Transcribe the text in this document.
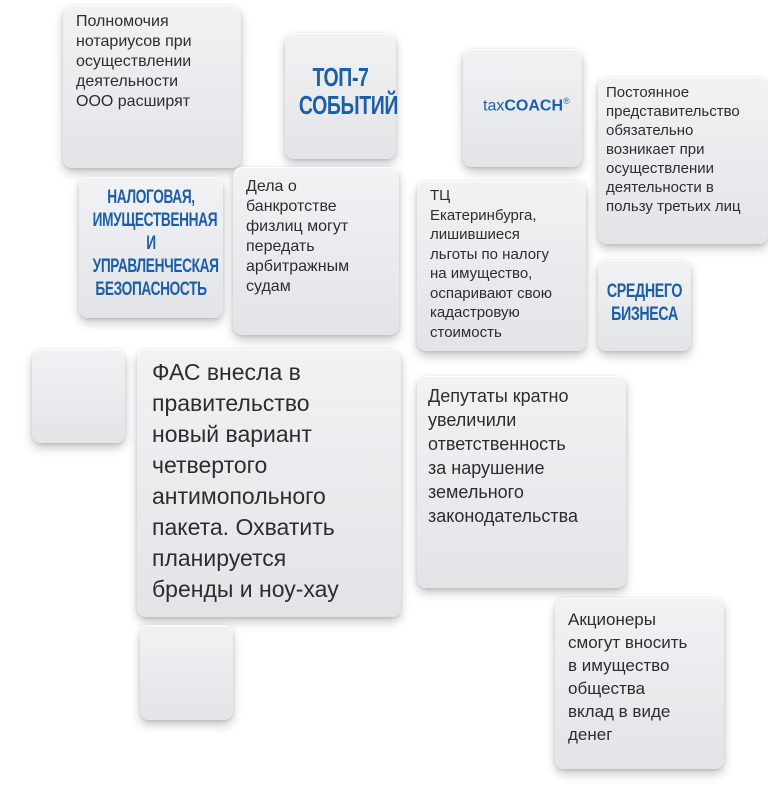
Полномочия
нотариусов при
осуществлении
деятельности
ООО расширят
ТОП-7
СОБЫТИЙ	taxCOACH® Постоянное
представительство
обязательно
возникает при
осуществлении
деятельности в
пользу третьих лиц
НАЛОГОВАЯ,
ИМУЩЕСТВЕННАЯ
И
УПРАВЛЕНЧЕСКАЯ
БЕЗОПАСНОСТЬ
Дела о
банкротстве
физлиц могут
передать
арбитражным
судам
ТЦ
Екатеринбурга,
лишившиеся
льготы по налогу
на имущество,
оспаривают свою
кадастровую
стоимость
СРЕДНЕГО
БИЗНЕСА
ФАС внесла в
правительство
новый вариант
четвертого
антимопольного
пакета. Охватить
планируется
бренды и ноу-хау
Депутаты кратно
увеличили
ответственность
за нарушение
земельного
законодательства
Акционеры
смогут вносить
в имущество
общества
вклад в виде
денег
